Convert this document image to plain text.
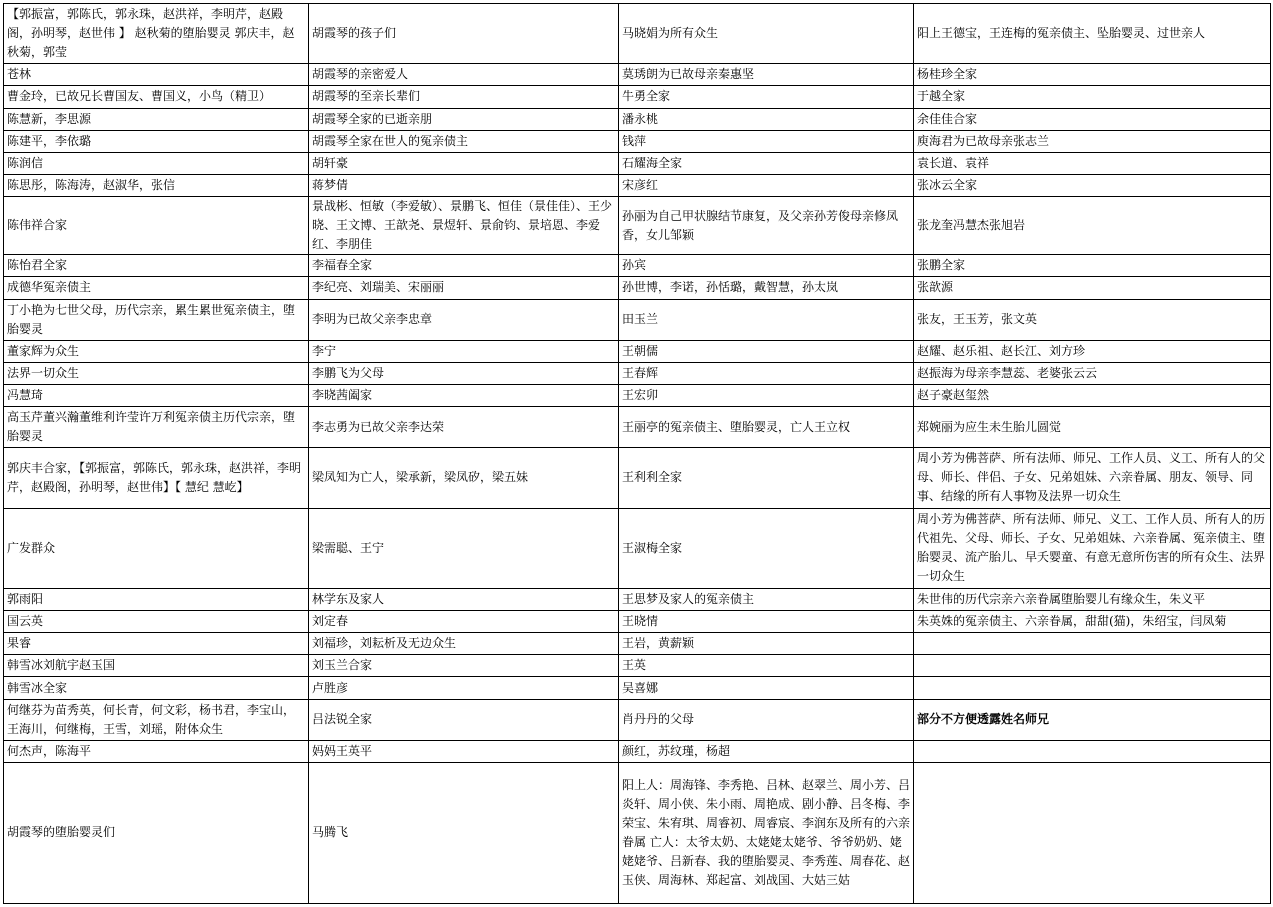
【郭振富，郭陈氏，郭永珠，赵洪祥，李明芹，赵殿阁，孙明琴，赵世伟 】 赵秋菊的堕胎婴灵 郭庆丰，赵秋菊，郭莹	胡霞琴的孩子们	马晓娟为所有众生	阳上王德宝，王连梅的冤亲债主、坠胎婴灵、过世亲人
苍林	胡霞琴的亲密爱人	莫琇朗为已故母亲秦惠坚	杨桂珍全家
曹金玲，已故兄长曹国友、曹国义，小鸟（精卫）	胡霞琴的至亲长辈们	牛勇全家	于越全家
陈慧新，李思源	胡霞琴全家的已逝亲朋	潘永桃	余佳佳合家
陈建平，李依璐	胡霞琴全家在世人的冤亲债主	钱萍	庾海君为已故母亲张志兰
陈润信	胡轩豪	石耀海全家	袁长道、袁祥
陈思彤，陈海涛，赵淑华，张信	蒋梦倩	宋彦红	张冰云全家
陈伟祥合家	景战彬、恒敏（李爱敏）、景鹏飞、恒佳（景佳佳）、王少晓、王文博、王歆尧、景煜轩、景俞钧、景培恩、李爱红、李朋佳	孙丽为自己甲状腺结节康复，及父亲孙芳俊母亲修凤香，女儿邹颖	张龙奎冯慧杰张旭岩
陈怡君全家	李福春全家	孙宾	张鹏全家
成德华冤亲债主	李纪亮、刘瑞美、宋丽丽	孙世博，李诺，孙恬璐，戴智慧，孙太岚	张歆源
丁小艳为七世父母，历代宗亲，累生累世冤亲债主，堕胎婴灵	李明为已故父亲李忠章	田玉兰	张友，王玉芳，张文英
董家辉为众生	李宁	王朝儒	赵耀、赵乐祖、赵长江、刘方珍
法界一切众生	李鹏飞为父母	王春辉	赵振海为母亲李慧蕊、老婆张云云
冯慧琦	李晓茜阖家	王宏卯	赵子豪赵玺然
高玉芹董兴瀚董维利许莹许万利冤亲债主历代宗亲，堕胎婴灵	李志勇为已故父亲李达荣	王丽亭的冤亲债主、堕胎婴灵，亡人王立权	郑婉丽为应生未生胎儿圆觉
郭庆丰合家，【郭振富，郭陈氏，郭永珠，赵洪祥，李明芹，赵殿阁，孙明琴，赵世伟】【 慧纪 慧屹】	梁凤知为亡人，梁承新，梁凤矽，梁五妹	王利利全家	周小芳为佛菩萨、所有法师、师兄、工作人员、义工、所有人的父母、师长、伴侣、子女、兄弟姐妹、六亲眷属、朋友、领导、同事、结缘的所有人事物及法界一切众生
广发群众	梁需聪、王宁	王淑梅全家	周小芳为佛菩萨、所有法师、师兄、义工、工作人员、所有人的历代祖先、父母、师长、子女、兄弟姐妹、六亲眷属、冤亲债主、堕胎婴灵、流产胎儿、早夭婴童、有意无意所伤害的所有众生、法界一切众生
郭雨阳	林学东及家人	王思梦及家人的冤亲债主	朱世伟的历代宗亲六亲眷属堕胎婴儿有缘众生，朱义平
国云英	刘定春	王晓情	朱英姝的冤亲债主、六亲眷属，甜甜(猫)，朱绍宝，闫凤菊
果睿	刘福珍，刘耘析及无边众生	王岩，黄薪颖	
韩雪冰刘航宇赵玉国	刘玉兰合家	王英	
韩雪冰全家	卢胜彦	吴喜娜	
何继芬为苗秀英，何长青，何文彩，杨书君，李宝山，王海川，何继梅，王雪，刘瑶，附体众生	吕法锐全家	肖丹丹的父母	部分不方便透露姓名师兄
何杰声，陈海平	妈妈王英平	颜红，苏纹瑾，杨超	
胡霞琴的堕胎婴灵们	马腾飞	阳上人：周海锋、李秀艳、吕林、赵翠兰、周小芳、吕炎轩、周小侠、朱小雨、周艳成、剧小静、吕冬梅、李荣宝、朱宥琪、周睿初、周睿宸、李润东及所有的六亲眷属 亡人：太爷太奶、太姥姥太姥爷、爷爷奶奶、姥姥姥爷、吕新春、我的堕胎婴灵、李秀莲、周春花、赵玉侠、周海林、郑起富、刘战国、大姑三姑	
